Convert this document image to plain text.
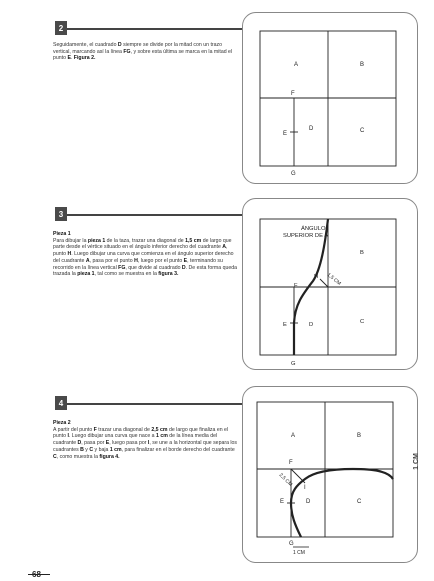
2
Seguidamente, el cuadrado D siempre se divide por la mitad con un trazo vertical, marcando así la línea FG, y sobre esta última se marca en la mitad el punto E. Figura 2.
A	B
C
D
E
F
G
3
Pieza 1
Para dibujar la pieza 1 de la taza, trazar una diagonal de 1,5 cm de largo que parte desde el vértice situado en el ángulo inferior derecho del cuadrante A, punto H. Luego dibujar una curva que comienza en el ángulo superior derecho del cuadrante A, pasa por el punto H, luego por el punto E, terminando su recorrido en la línea vertical FG, que divide al cuadrado D. De esta forma queda trazada la pieza 1, tal como se muestra en la figura 3.
ÁNGULO
SUPERIOR DE A
B
C
D
E
F
G
H 1,5 CM
4
Pieza 2
A partir del punto F trazar una diagonal de 2,5 cm de largo que finaliza en el punto I. Luego dibujar una curva que nace a 1 cm de la línea media del cuadrante D, pasa por E, luego pasa por I, se une a la horizontal que separa los cuadrantes B y C y baja 1 cm, para finalizar en el borde derecho del cuadrante C, como muestra la figura 4.
A	B
C
D
E
F
G
I
2,5 CM
1 CM
1 CM
68
